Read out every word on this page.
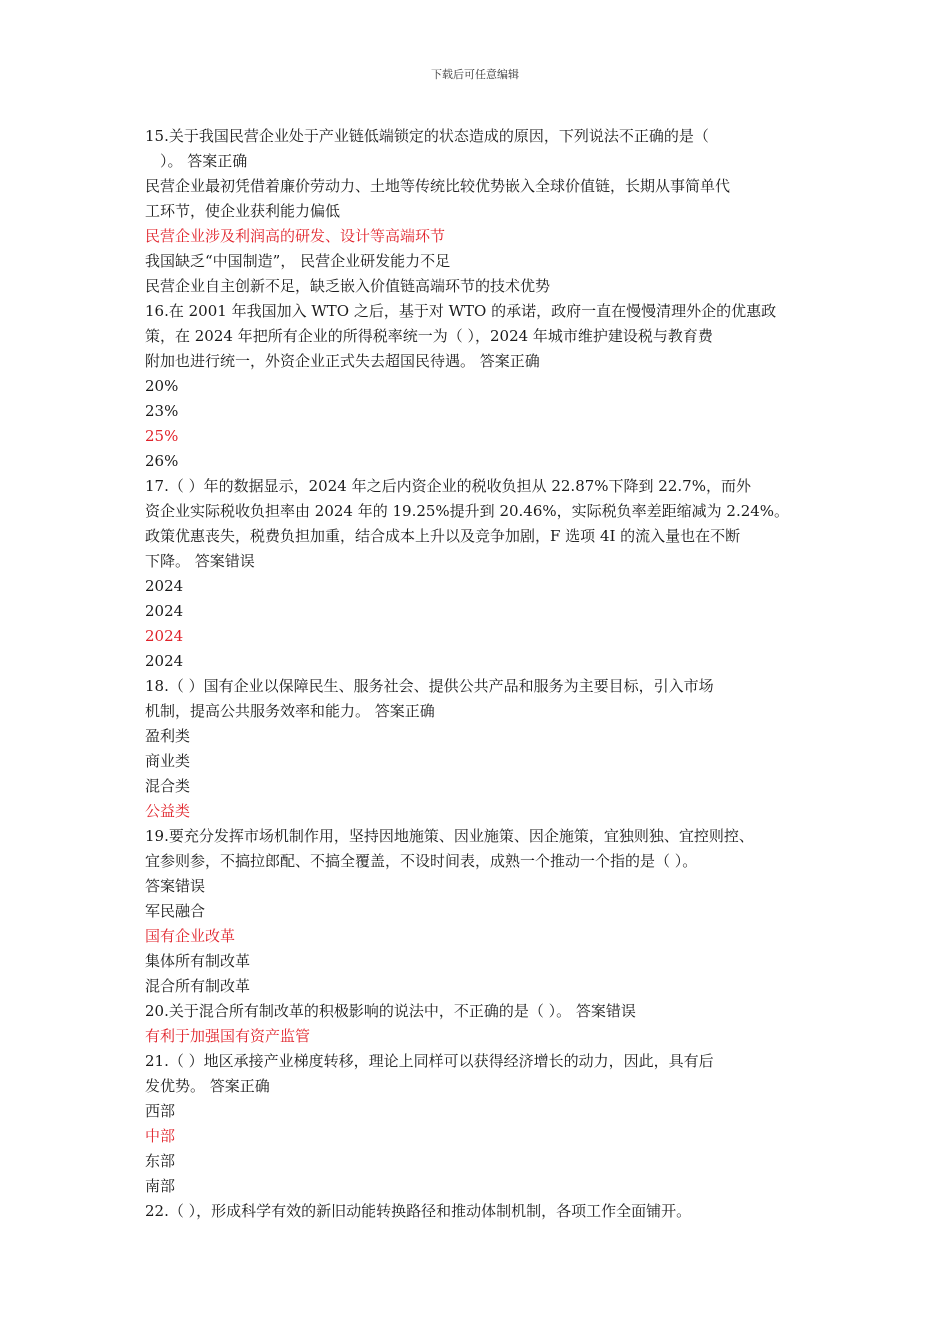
下载后可任意编辑
15.关于我国民营企业处于产业链低端锁定的状态造成的原因，下列说法不正确的是（
）。 答案正确
民营企业最初凭借着廉价劳动力、土地等传统比较优势嵌入全球价值链，长期从事简单代
工环节，使企业获利能力偏低
民营企业涉及利润高的研发、设计等高端环节
我国缺乏“中国制造”， 民营企业研发能力不足
民营企业自主创新不足，缺乏嵌入价值链高端环节的技术优势
16.在 2001 年我国加入 WTO 之后，基于对 WTO 的承诺，政府一直在慢慢清理外企的优惠政
策，在 2024 年把所有企业的所得税率统一为（ ），2024 年城市维护建设税与教育费
附加也进行统一，外资企业正式失去超国民待遇。 答案正确
20%
23%
25%
26%
17.（ ）年的数据显示，2024 年之后内资企业的税收负担从 22.87%下降到 22.7%，而外
资企业实际税收负担率由 2024 年的 19.25%提升到 20.46%，实际税负率差距缩减为 2.24%。
政策优惠丧失，税费负担加重，结合成本上升以及竞争加剧，F 选项 4I 的流入量也在不断
下降。 答案错误
2024
2024
2024
2024
18.（ ）国有企业以保障民生、服务社会、提供公共产品和服务为主要目标，引入市场
机制，提高公共服务效率和能力。 答案正确
盈利类
商业类
混合类
公益类
19.要充分发挥市场机制作用，坚持因地施策、因业施策、因企施策，宜独则独、宜控则控、
宜参则参，不搞拉郎配、不搞全覆盖，不设时间表，成熟一个推动一个指的是（ ）。
答案错误
军民融合
国有企业改革
集体所有制改革
混合所有制改革
20.关于混合所有制改革的积极影响的说法中，不正确的是（ ）。 答案错误
有利于加强国有资产监管
21.（ ）地区承接产业梯度转移，理论上同样可以获得经济增长的动力，因此，具有后
发优势。 答案正确
西部
中部
东部
南部
22.（ ），形成科学有效的新旧动能转换路径和推动体制机制，各项工作全面铺开。
